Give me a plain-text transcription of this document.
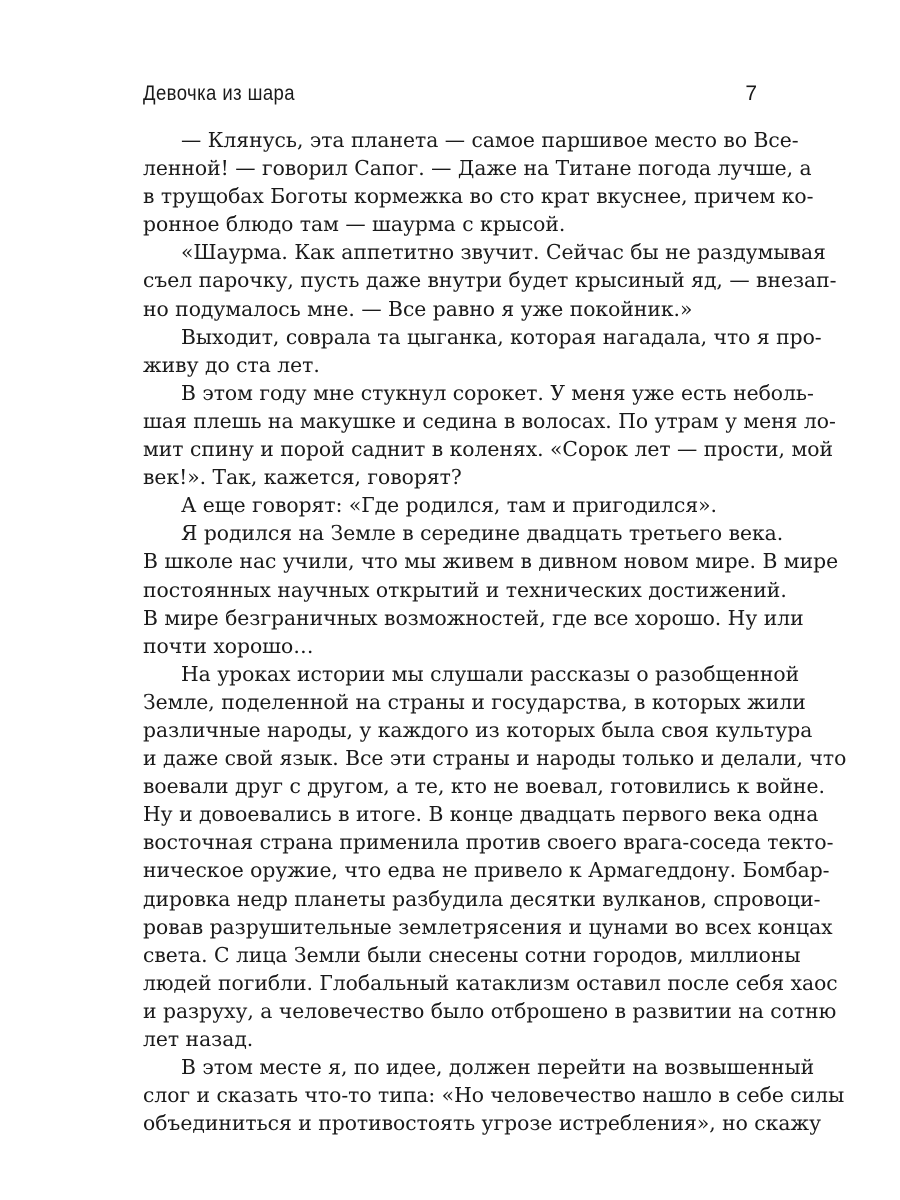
Девочка из шара	7
— Клянусь, эта планета — самое паршивое место во Все-
ленной! — говорил Сапог. — Даже на Титане погода лучше, а
в трущобах Боготы кормежка во сто крат вкуснее, причем ко-
ронное блюдо там — шаурма с крысой.
«Шаурма. Как аппетитно звучит. Сейчас бы не раздумывая
съел парочку, пусть даже внутри будет крысиный яд, — внезап-
но подумалось мне. — Все равно я уже покойник.»
Выходит, соврала та цыганка, которая нагадала, что я про-
живу до ста лет.
В этом году мне стукнул сорокет. У меня уже есть неболь-
шая плешь на макушке и седина в волосах. По утрам у меня ло-
мит спину и порой саднит в коленях. «Сорок лет — прости, мой
век!». Так, кажется, говорят?
А еще говорят: «Где родился, там и пригодился».
Я родился на Земле в середине двадцать третьего века.
В школе нас учили, что мы живем в дивном новом мире. В мире
постоянных научных открытий и технических достижений.
В мире безграничных возможностей, где все хорошо. Ну или
почти хорошо…
На уроках истории мы слушали рассказы о разобщенной
Земле, поделенной на страны и государства, в которых жили
различные народы, у каждого из которых была своя культура
и даже свой язык. Все эти страны и народы только и делали, что
воевали друг с другом, а те, кто не воевал, готовились к войне.
Ну и довоевались в итоге. В конце двадцать первого века одна
восточная страна применила против своего врага-соседа текто-
ническое оружие, что едва не привело к Армагеддону. Бомбар-
дировка недр планеты разбудила десятки вулканов, спровоци-
ровав разрушительные землетрясения и цунами во всех концах
света. С лица Земли были снесены сотни городов, миллионы
людей погибли. Глобальный катаклизм оставил после себя хаос
и разруху, а человечество было отброшено в развитии на сотню
лет назад.
В этом месте я, по идее, должен перейти на возвышенный
слог и сказать что-то типа: «Но человечество нашло в себе силы
объединиться и противостоять угрозе истребления», но скажу
